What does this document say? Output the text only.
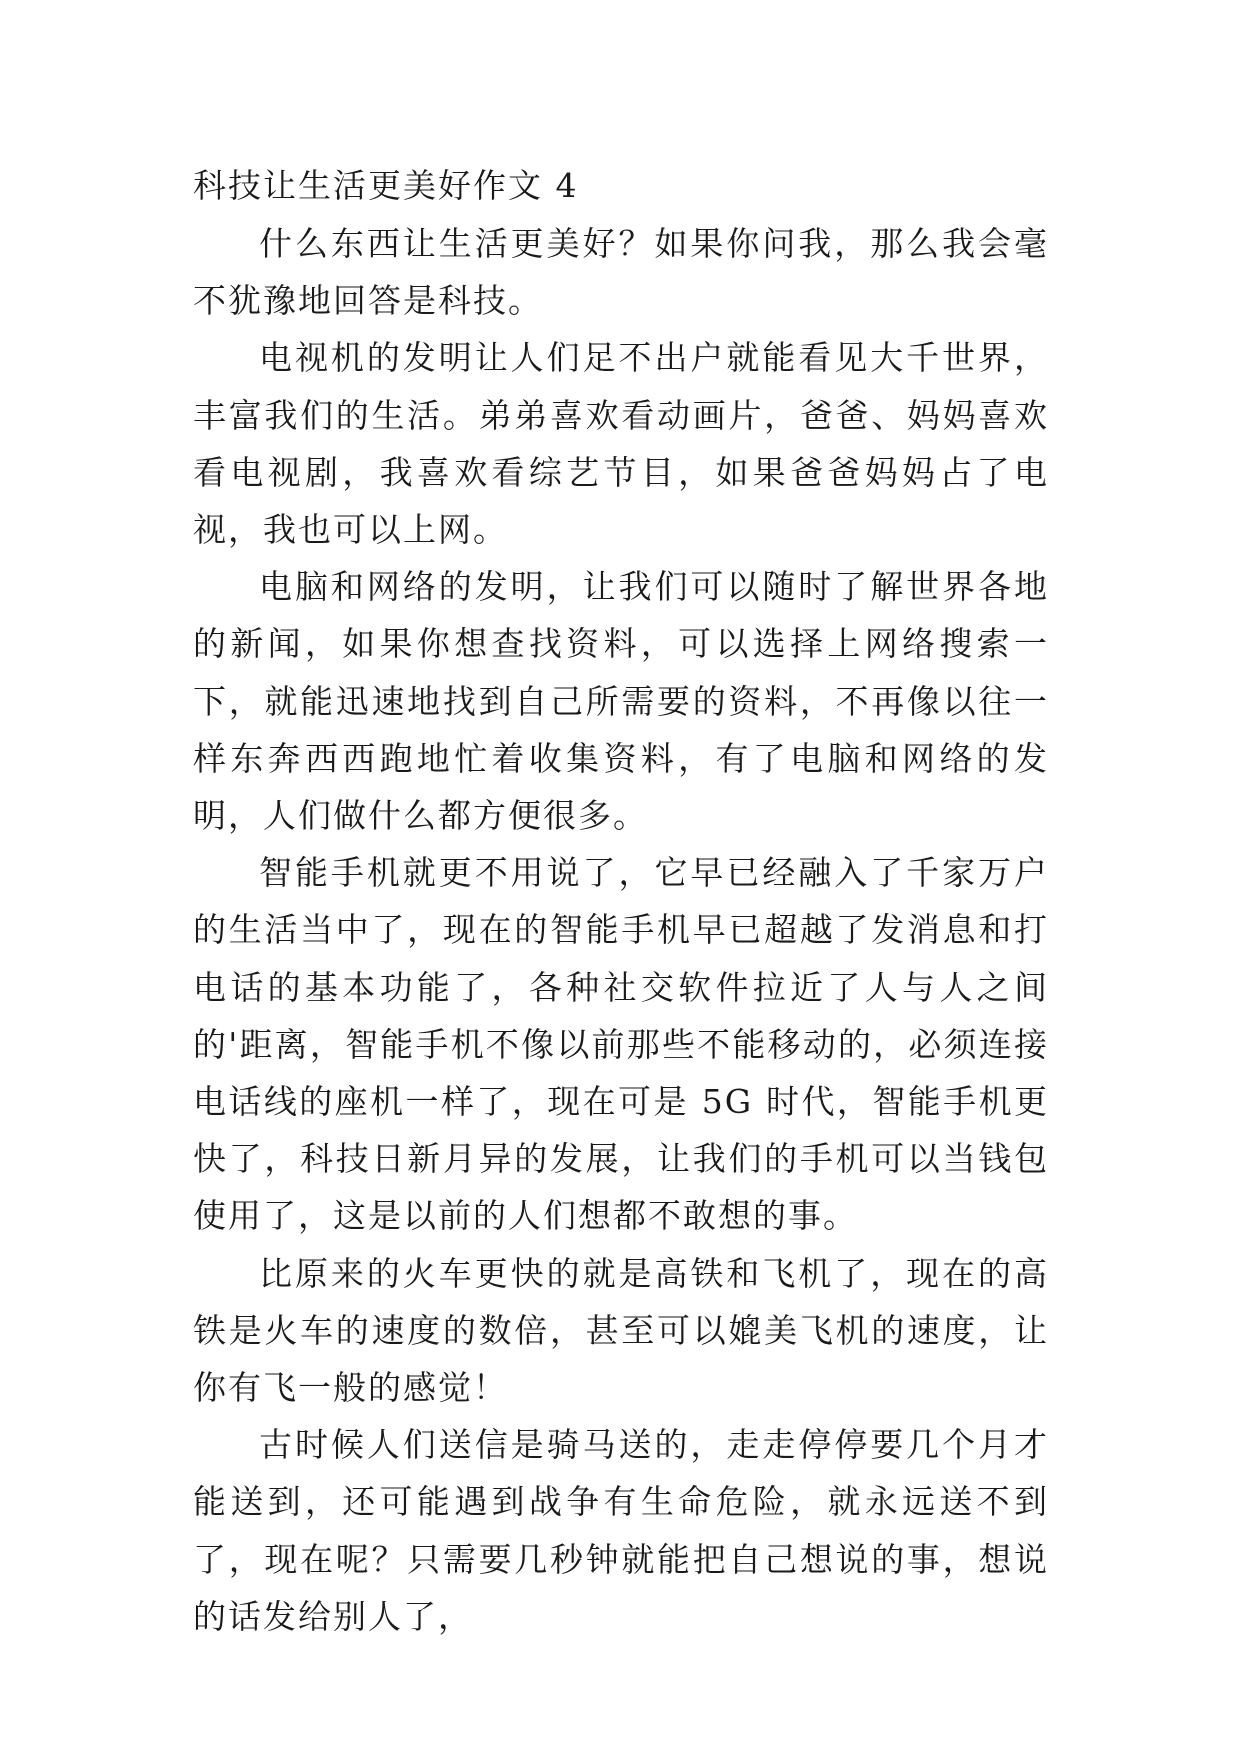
科技让生活更美好作文 4

什么东西让生活更美好？如果你问我，那么我会毫不犹豫地回答是科技。

电视机的发明让人们足不出户就能看见大千世界，丰富我们的生活。弟弟喜欢看动画片，爸爸、妈妈喜欢看电视剧，我喜欢看综艺节目，如果爸爸妈妈占了电视，我也可以上网。

电脑和网络的发明，让我们可以随时了解世界各地的新闻，如果你想查找资料，可以选择上网络搜索一下，就能迅速地找到自己所需要的资料，不再像以往一样东奔西西跑地忙着收集资料，有了电脑和网络的发明，人们做什么都方便很多。

智能手机就更不用说了，它早已经融入了千家万户的生活当中了，现在的智能手机早已超越了发消息和打电话的基本功能了，各种社交软件拉近了人与人之间的'距离，智能手机不像以前那些不能移动的，必须连接电话线的座机一样了，现在可是 5G 时代，智能手机更快了，科技日新月异的发展，让我们的手机可以当钱包使用了，这是以前的人们想都不敢想的事。

比原来的火车更快的就是高铁和飞机了，现在的高铁是火车的速度的数倍，甚至可以媲美飞机的速度，让你有飞一般的感觉！

古时候人们送信是骑马送的，走走停停要几个月才能送到，还可能遇到战争有生命危险，就永远送不到了，现在呢？只需要几秒钟就能把自己想说的事，想说的话发给别人了，
